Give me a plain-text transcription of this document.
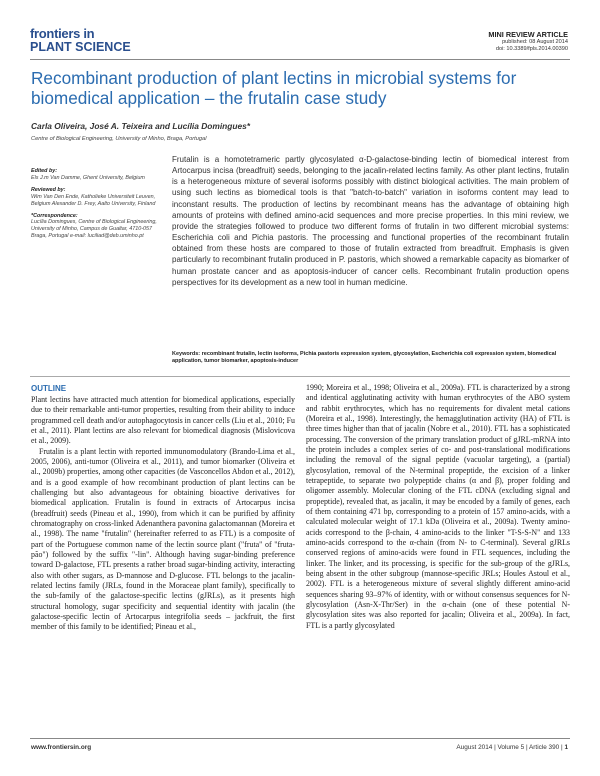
frontiers in
PLANT SCIENCE
MINI REVIEW ARTICLE
published: 08 August 2014
doi: 10.3389/fpls.2014.00390
Recombinant production of plant lectins in microbial systems for biomedical application – the frutalin case study
Carla Oliveira, José A. Teixeira and Lucília Domingues*
Centre of Biological Engineering, University of Minho, Braga, Portugal
Edited by:
Els J.m Van Damme, Ghent University, Belgium
Reviewed by:
Wim Van Den Ende, Katholieke Universiteit Leuven, Belgium Alexander D. Frey, Aalto University, Finland
*Correspondence:
Lucília Domingues, Centre of Biological Engineering, University of Minho, Campus de Gualtar, 4710-057 Braga, Portugal e-mail: luciliad@deb.uminho.pt
Frutalin is a homotetrameric partly glycosylated α-D-galactose-binding lectin of biomedical interest from Artocarpus incisa (breadfruit) seeds, belonging to the jacalin-related lectins family. As other plant lectins, frutalin is a heterogeneous mixture of several isoforms possibly with distinct biological activities. The main problem of using such lectins as biomedical tools is that "batch-to-batch" variation in isoforms content may lead to inconstant results. The production of lectins by recombinant means has the advantage of obtaining high amounts of proteins with defined amino-acid sequences and more precise properties. In this mini review, we provide the strategies followed to produce two different forms of frutalin in two different microbial systems: Escherichia coli and Pichia pastoris. The processing and functional properties of the recombinant frutalin obtained from these hosts are compared to those of frutalin extracted from breadfruit. Emphasis is given particularly to recombinant frutalin produced in P. pastoris, which showed a remarkable capacity as biomarker of human prostate cancer and as apoptosis-inducer of cancer cells. Recombinant frutalin production opens perspectives for its development as a new tool in human medicine.
Keywords: recombinant frutalin, lectin isoforms, Pichia pastoris expression system, glycosylation, Escherichia coli expression system, biomedical application, tumor biomarker, apoptosis-inducer
OUTLINE

Plant lectins have attracted much attention for biomedical applications, especially due to their remarkable anti-tumor properties, resulting from their ability to induce programmed cell death and/or autophagocytosis in cancer cells (Liu et al., 2010; Fu et al., 2011). Plant lectins are also relevant for biomedical diagnosis (Mislovicova et al., 2009).

Frutalin is a plant lectin with reported immunomodulatory (Brando-Lima et al., 2005, 2006), anti-tumor (Oliveira et al., 2011), and tumor biomarker (Oliveira et al., 2009b) properties, among other capacities (de Vasconcellos Abdon et al., 2012), and is a good example of how recombinant production of plant lectins can be challenging but also advantageous for obtaining bioactive derivatives for biomedical application. Frutalin is found in extracts of Artocarpus incisa (breadfruit) seeds (Pineau et al., 1990), from which it can be purified by affinity chromatography on cross-linked Adenanthera pavonina galactomannan (Moreira et al., 1998). The name "frutalin" (hereinafter referred to as FTL) is a composite of part of the Portuguese common name of the lectin source plant ("fruta" of "fruta-pão") followed by the suffix "-lin". Although having sugar-binding preference toward D-galactose, FTL presents a rather broad sugar-binding activity, interacting also with other sugars, as D-mannose and D-glucose. FTL belongs to the jacalin-related lectins family (JRLs, found in the Moraceae plant family), specifically to the sub-family of the galactose-specific lectins (gJRLs), as it presents high structural homology, sugar specificity and sequential identity with jacalin (the galactose-specific lectin of Artocarpus integrifolia seeds – jackfruit, the first member of this family to be identified; Pineau et al.,

1990; Moreira et al., 1998; Oliveira et al., 2009a). FTL is characterized by a strong and identical agglutinating activity with human erythrocytes of the ABO system and rabbit erythrocytes, which has no requirements for divalent metal cations (Moreira et al., 1998). Interestingly, the hemagglutination activity (HA) of FTL is three times higher than that of jacalin (Nobre et al., 2010). FTL has a sophisticated processing. The conversion of the primary translation product of gJRL-mRNA into the protein includes a complex series of co- and post-translational modifications including the removal of the signal peptide (vacuolar targeting), a (partial) glycosylation, removal of the N-terminal propeptide, the excision of a linker tetrapeptide, to separate two polypeptide chains (α and β), proper folding and oligomer assembly. Molecular cloning of the FTL cDNA (excluding signal and propeptide), revealed that, as jacalin, it may be encoded by a family of genes, each of them containing 471 bp, corresponding to a protein of 157 amino-acids, with a calculated molecular weight of 17.1 kDa (Oliveira et al., 2009a). Twenty amino-acids correspond to the β-chain, 4 amino-acids to the linker "T-S-S-N" and 133 amino-acids correspond to the α-chain (from N- to C-terminal). Several gJRLs conserved regions of amino-acids were found in FTL sequences, including the linker. The linker, and its processing, is specific for the sub-group of the gJRLs, being absent in the other subgroup (mannose-specific JRLs; Houles Astoul et al., 2002). FTL is a heterogeneous mixture of several slightly different amino-acid sequences sharing 93–97% of identity, with or without consensus sequences for N-glycosylation (Asn-X-Thr/Ser) in the α-chain (one of these potential N-glycosylation sites was also reported for jacalin; Oliveira et al., 2009a). In fact, FTL is a partly glycosylated

www.frontiersin.org	August 2014 | Volume 5 | Article 390 | 1
